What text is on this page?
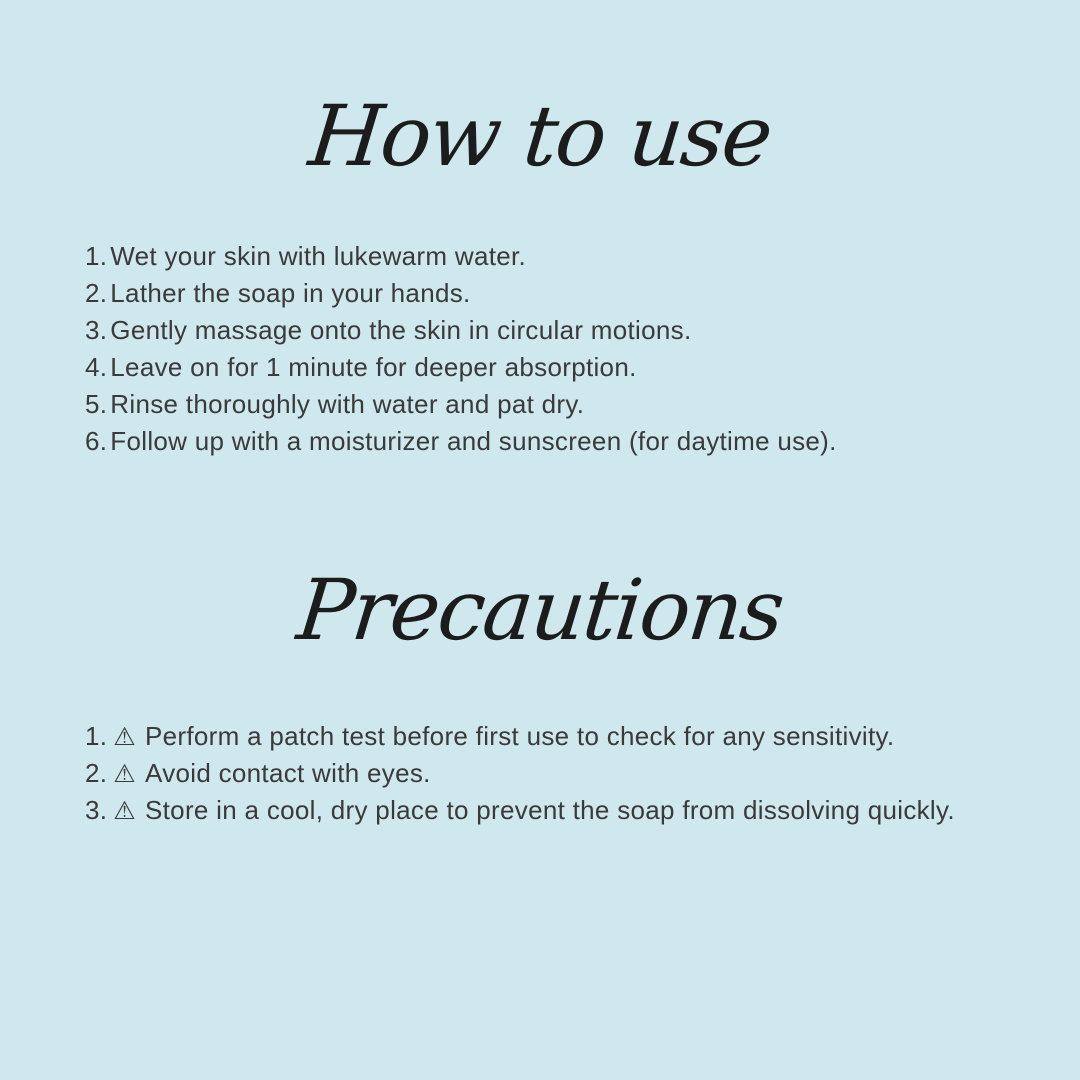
How to use
1. Wet your skin with lukewarm water.
2. Lather the soap in your hands.
3. Gently massage onto the skin in circular motions.
4. Leave on for 1 minute for deeper absorption.
5. Rinse thoroughly with water and pat dry.
6. Follow up with a moisturizer and sunscreen (for daytime use).
Precautions
1. ⚠ Perform a patch test before first use to check for any sensitivity.
2. ⚠ Avoid contact with eyes.
3. ⚠ Store in a cool, dry place to prevent the soap from dissolving quickly.
